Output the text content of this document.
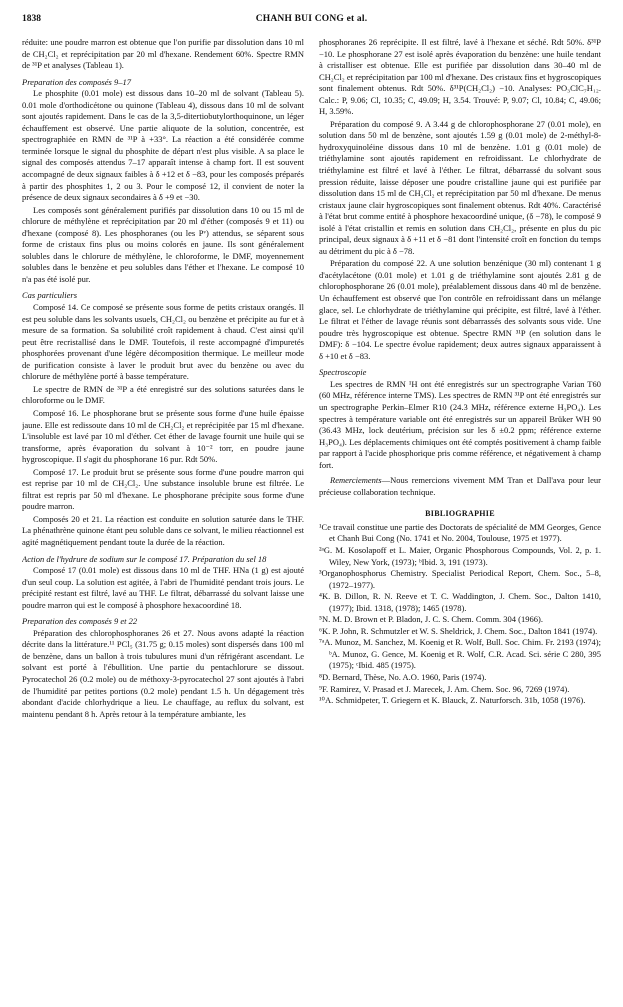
1838	CHANH BUI CONG et al.

réduite: une poudre marron est obtenue que l'on purifie par dissolution dans 10 ml de CH₂Cl₂ et reprécipitation par 20 ml d'hexane. Rendement 60%. Spectre RMN de ³¹P et analyses (Tableau 1).

Preparation des composés 9–17

Le phosphite (0.01 mole) est dissous dans 10–20 ml de solvant (Tableau 5). 0.01 mole d'orthodicétone ou quinone (Tableau 4), dissous dans 10 ml de solvant sont ajoutés rapidement. Dans le cas de la 3,5-ditertiobutylorthoquinone, un léger échauffement est observé. Une partie aliquote de la solution, concentrée, est spectrographiée en RMN de ³¹P à +33°. La réaction a été considérée comme terminée lorsque le signal du phosphite de départ n'est plus visible. A sa place le signal des composés attendus 7–17 apparaît intense à champ fort. Il est souvent accompagné de deux signaux faibles à δ +12 et δ −83, pour les composés préparés à partir des phosphites 1, 2 ou 3. Pour le composé 12, il convient de noter la présence de deux signaux secondaires à δ +9 et −30.

Les composés sont généralement purifiés par dissolution dans 10 ou 15 ml de chlorure de méthylène et reprécipitation par 20 ml d'éther (composés 9 et 11) ou d'hexane (composé 8). Les phosphoranes (ou les Pᵛ) attendus, se séparent sous forme de cristaux fins plus ou moins colorés en jaune. Ils sont généralement solubles dans le chlorure de méthylène, le chloroforme, le DMF, moyennement solubles dans le benzène et peu solubles dans l'éther et l'hexane. Le composé 10 n'a pas été isolé pur.

Cas particuliers

Composé 14. Ce composé se présente sous forme de petits cristaux orangés. Il est peu soluble dans les solvants usuels, CH₂Cl₂ ou benzène et précipite au fur et à mesure de sa formation. Sa solubilité croît rapidement à chaud. C'est ainsi qu'il peut être recristallisé dans le DMF. Toutefois, il reste accompagné d'impuretés phosphorées provenant d'une légère décomposition thermique. Le meilleur mode de purification consiste à laver le produit brut avec du benzène ou avec du chlorure de méthylène porté à basse température.

Le spectre de RMN de ³¹P a été enregistré sur des solutions saturées dans le chloroforme ou le DMF.

Composé 16. Le phosphorane brut se présente sous forme d'une huile épaisse jaune. Elle est redissoute dans 10 ml de CH₂Cl₂ et reprécipitée par 15 ml d'hexane. L'insoluble est lavé par 10 ml d'éther. Cet éther de lavage fournit une huile qui se transforme, après évaporation du solvant à 10⁻² torr, en poudre jaune hygroscopique. Il s'agit du phosphorane 16 pur. Rdt 50%.

Composé 17. Le produit brut se présente sous forme d'une poudre marron qui est reprise par 10 ml de CH₂Cl₂. Une substance insoluble brune est filtrée. Le filtrat est repris par 50 ml d'hexane. Le phosphorane précipite sous forme d'une poudre marron.

Composés 20 et 21. La réaction est conduite en solution saturée dans le THF. La phénathrène quinone étant peu soluble dans ce solvant, le milieu réactionnel est agité magnétiquement pendant toute la durée de la réaction.

Action de l'hydrure de sodium sur le composé 17. Préparation du sel 18

Composé 17 (0.01 mole) est dissous dans 10 ml de THF. HNa (1 g) est ajouté d'un seul coup. La solution est agitée, à l'abri de l'humidité pendant trois jours. Le précipité restant est filtré, lavé au THF. Le filtrat, débarrassé du solvant laisse une poudre marron qui est le composé à phosphore hexacoordiné 18.

Preparation des composés 9 et 22

Préparation des chlorophosphoranes 26 et 27. Nous avons adapté la réaction décrite dans la littérature.¹¹ PCl₅ (31.75 g; 0.15 moles) sont dispersés dans 100 ml de benzène, dans un ballon à trois tubulures muni d'un réfrigérant ascendant. Le solvant est porté à l'ébullition. Une partie du pentachlorure se dissout. Pyrocatechol 26 (0.2 mole) ou de méthoxy-3-pyrocatechol 27 sont ajoutés à l'abri de l'humidité par petites portions (0.2 mole) pendant 1.5 h. Un dégagement très abondant d'acide chlorhydrique a lieu. Le chauffage, au reflux du solvant, est maintenu pendant 8 h. Après retour à la température ambiante, les

phosphoranes 26 reprécipite. Il est filtré, lavé à l'hexane et séché. Rdt 50%. δ³¹P −10. Le phosphorane 27 est isolé après évaporation du benzène: une huile tendant à cristalliser est obtenue. Elle est purifiée par dissolution dans 30–40 ml de CH₂Cl₂ et reprécipitation par 100 ml d'hexane. Des cristaux fins et hygroscopiques sont finalement obtenus. Rdt 50%. δ³¹P(CH₂Cl₂) −10. Analyses: PO₃ClC₇H₁₂. Calc.: P, 9.06; Cl, 10.35; C, 49.09; H, 3.54. Trouvé: P, 9.07; Cl, 10.84; C, 49.06; H, 3.59%.

Préparation du composé 9. A 3.44 g de chlorophosphorane 27 (0.01 mole), en solution dans 50 ml de benzène, sont ajoutés 1.59 g (0.01 mole) de 2-méthyl-8-hydroxyquinoléine dissous dans 10 ml de benzène. 1.01 g (0.01 mole) de triéthylamine sont ajoutés rapidement en refroidissant. Le chlorhydrate de triéthylamine est filtré et lavé à l'éther. Le filtrat, débarrassé du solvant sous pression réduite, laisse déposer une poudre cristalline jaune qui est purifiée par dissolution dans 15 ml de CH₂Cl₂ et reprécipitation par 50 ml d'hexane. De menus cristaux jaune clair hygroscopiques sont finalement obtenus. Rdt 40%. Caractérisé à l'état brut comme entité à phosphore hexacoordiné unique, (δ −78), le composé 9 isolé à l'état cristallin et remis en solution dans CH₂Cl₂, présente en plus du pic principal, deux signaux à δ +11 et δ −81 dont l'intensité croît en fonction du temps au détriment du pic à δ −78.

Préparation du composé 22. A une solution benzénique (30 ml) contenant 1 g d'acétylacétone (0.01 mole) et 1.01 g de triéthylamine sont ajoutés 2.81 g de chlorophosphorane 26 (0.01 mole), préalablement dissous dans 40 ml de benzène. Un échauffement est observé que l'on contrôle en refroidissant dans un mélange glace, sel. Le chlorhydrate de triéthylamine qui précipite, est filtré, lavé à l'éther. Le filtrat et l'éther de lavage réunis sont débarrassés des solvants sous vide. Une poudre très hygroscopique est obtenue. Spectre RMN ³¹P (en solution dans le DMF): δ −104. Le spectre évolue rapidement; deux autres signaux apparaissent à δ +10 et δ −83.

Spectroscopie

Les spectres de RMN ¹H ont été enregistrés sur un spectrographe Varian T60 (60 MHz, référence interne TMS). Les spectres de RMN ³¹P ont été enregistrés sur un spectrographe Perkin–Elmer R10 (24.3 MHz, référence externe H₃PO₄). Les spectres à température variable ont été enregistrés sur un appareil Brüker WH 90 (36.43 MHz, lock deutérium, précision sur les δ ±0.2 ppm; référence externe H₃PO₄). Les déplacements chimiques ont été comptés positivement à champ faible par rapport à l'acide phosphorique pris comme référence, et négativement à champ fort.

Remerciements—Nous remercions vivement MM Tran et Dall'ava pour leur précieuse collaboration technique.

BIBLIOGRAPHIE

¹Ce travail constitue une partie des Doctorats de spécialité de MM Georges, Gence et Chanh Bui Cong (No. 1741 et No. 2004, Toulouse, 1975 et 1977).

²ᵃG. M. Kosolapoff et L. Maier, Organic Phosphorous Compounds, Vol. 2, p. 1. Wiley, New York, (1973); ᵇIbid. 3, 191 (1973).

³Organophosphorus Chemistry. Specialist Periodical Report, Chem. Soc., 5–8, (1972–1977).

⁴K. B. Dillon, R. N. Reeve et T. C. Waddington, J. Chem. Soc., Dalton 1410, (1977); Ibid. 1318, (1978); 1465 (1978).

⁵N. M. D. Brown et P. Bladon, J. C. S. Chem. Comm. 304 (1966).

⁶K. P. John, R. Schmutzler et W. S. Sheldrick, J. Chem. Soc., Dalton 1841 (1974).

⁷ᵃA. Munoz, M. Sanchez, M. Koenig et R. Wolf, Bull. Soc. Chim. Fr. 2193 (1974); ᵇA. Munoz, G. Gence, M. Koenig et R. Wolf, C.R. Acad. Sci. série C 280, 395 (1975); ᶜIbid. 485 (1975).

⁸D. Bernard, Thèse, No. A.O. 1960, Paris (1974).

⁹F. Ramirez, V. Prasad et J. Marecek, J. Am. Chem. Soc. 96, 7269 (1974).

¹⁰A. Schmidpeter, T. Griegern et K. Blauck, Z. Naturforsch. 31b, 1058 (1976).
